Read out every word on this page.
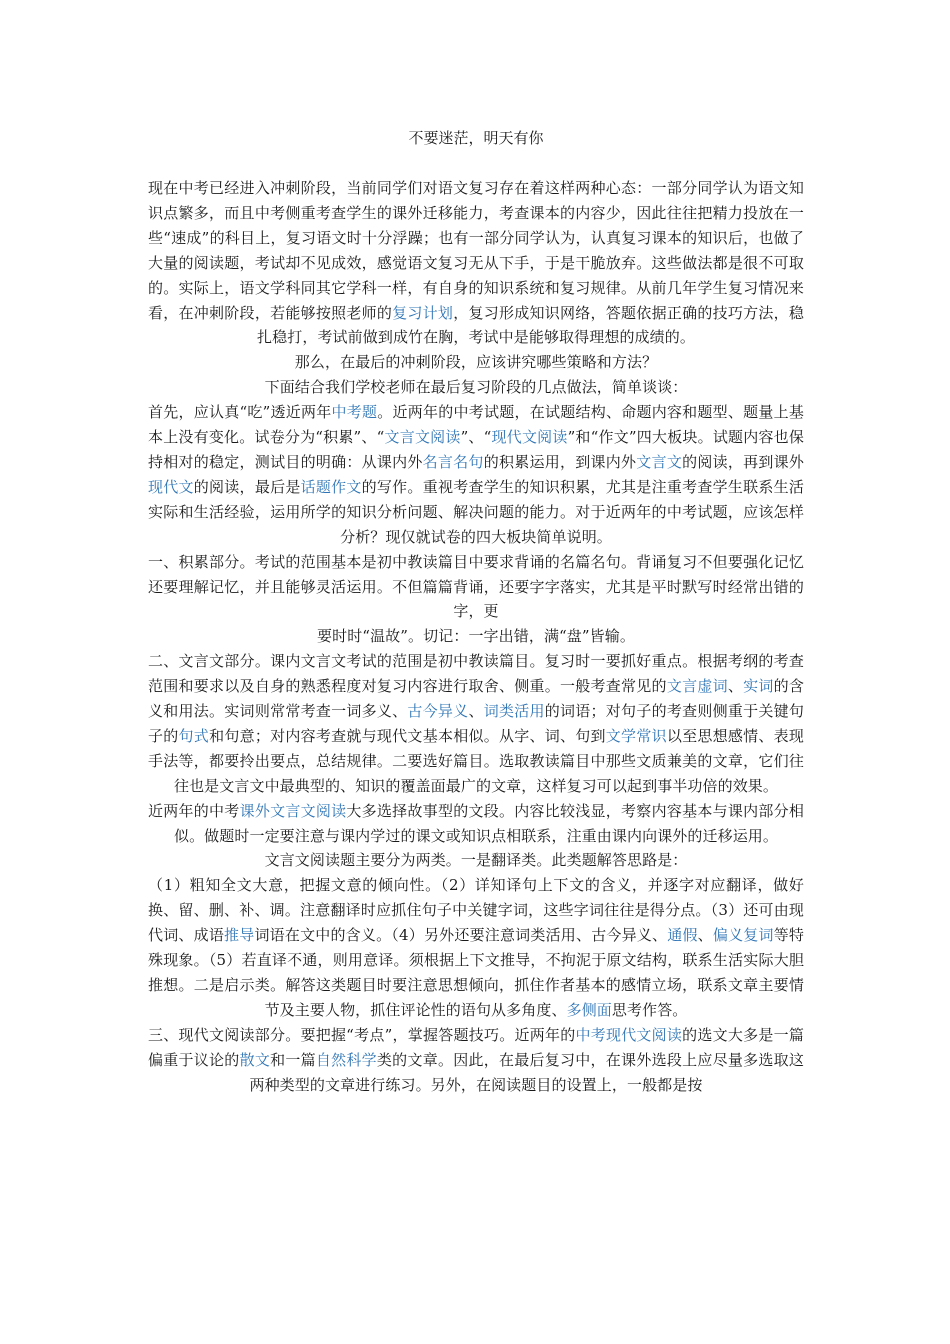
不要迷茫，明天有你

现在中考已经进入冲刺阶段，当前同学们对语文复习存在着这样两种心态：一部分同学认为语文知识点繁多，而且中考侧重考查学生的课外迁移能力，考查课本的内容少，因此往往把精力投放在一些“速成”的科目上，复习语文时十分浮躁；也有一部分同学认为，认真复习课本的知识后，也做了大量的阅读题，考试却不见成效，感觉语文复习无从下手，于是干脆放弃。这些做法都是很不可取的。实际上，语文学科同其它学科一样，有自身的知识系统和复习规律。从前几年学生复习情况来看，在冲刺阶段，若能够按照老师的复习计划，复习形成知识网络，答题依据正确的技巧方法，稳扎稳打，考试前做到成竹在胸，考试中是能够取得理想的成绩的。

那么，在最后的冲刺阶段，应该讲究哪些策略和方法？

下面结合我们学校老师在最后复习阶段的几点做法，简单谈谈：

首先，应认真“吃”透近两年中考题。近两年的中考试题，在试题结构、命题内容和题型、题量上基本上没有变化。试卷分为“积累”、“文言文阅读”、“现代文阅读”和“作文”四大板块。试题内容也保持相对的稳定，测试目的明确：从课内外名言名句的积累运用，到课内外文言文的阅读，再到课外现代文的阅读，最后是话题作文的写作。重视考查学生的知识积累，尤其是注重考查学生联系生活实际和生活经验，运用所学的知识分析问题、解决问题的能力。对于近两年的中考试题，应该怎样分析？现仅就试卷的四大板块简单说明。

一、积累部分。考试的范围基本是初中教读篇目中要求背诵的名篇名句。背诵复习不但要强化记忆还要理解记忆，并且能够灵活运用。不但篇篇背诵，还要字字落实，尤其是平时默写时经常出错的字，更

要时时“温故”。切记：一字出错，满“盘”皆输。

二、文言文部分。课内文言文考试的范围是初中教读篇目。复习时一要抓好重点。根据考纲的考查范围和要求以及自身的熟悉程度对复习内容进行取舍、侧重。一般考查常见的文言虚词、实词的含义和用法。实词则常常考查一词多义、古今异义、词类活用的词语；对句子的考查则侧重于关键句子的句式和句意；对内容考查就与现代文基本相似。从字、词、句到文学常识以至思想感情、表现手法等，都要拎出要点，总结规律。二要选好篇目。选取教读篇目中那些文质兼美的文章，它们往往也是文言文中最典型的、知识的覆盖面最广的文章，这样复习可以起到事半功倍的效果。

近两年的中考课外文言文阅读大多选择故事型的文段。内容比较浅显，考察内容基本与课内部分相似。做题时一定要注意与课内学过的课文或知识点相联系，注重由课内向课外的迁移运用。

文言文阅读题主要分为两类。一是翻译类。此类题解答思路是：

（1）粗知全文大意，把握文意的倾向性。（2）详知译句上下文的含义，并逐字对应翻译，做好换、留、删、补、调。注意翻译时应抓住句子中关键字词，这些字词往往是得分点。（3）还可由现代词、成语推导词语在文中的含义。（4）另外还要注意词类活用、古今异义、通假、偏义复词等特殊现象。（5）若直译不通，则用意译。须根据上下文推导，不拘泥于原文结构，联系生活实际大胆推想。二是启示类。解答这类题目时要注意思想倾向，抓住作者基本的感情立场，联系文章主要情节及主要人物，抓住评论性的语句从多角度、多侧面思考作答。

三、现代文阅读部分。要把握“考点”，掌握答题技巧。近两年的中考现代文阅读的选文大多是一篇偏重于议论的散文和一篇自然科学类的文章。因此，在最后复习中，在课外选段上应尽量多选取这两种类型的文章进行练习。另外，在阅读题目的设置上，一般都是按
